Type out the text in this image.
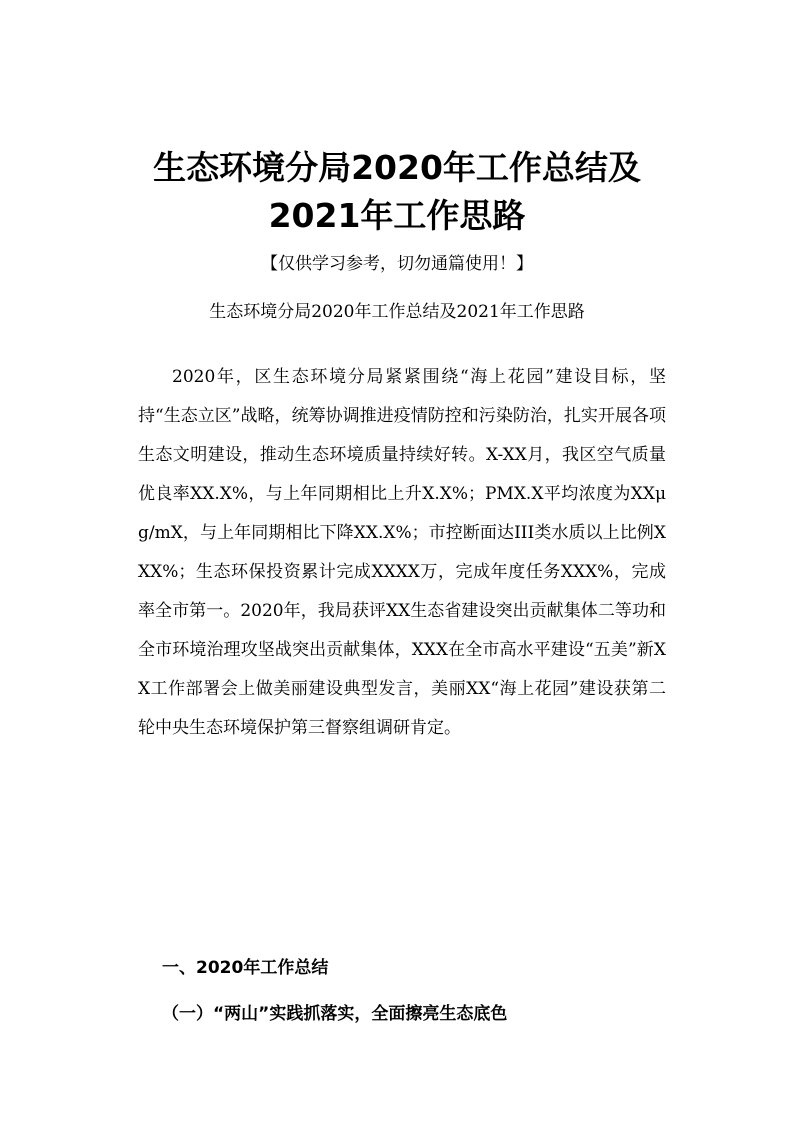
生态环境分局2020年工作总结及
2021年工作思路

【仅供学习参考，切勿通篇使用！】

生态环境分局2020年工作总结及2021年工作思路

2020年，区生态环境分局紧紧围绕“海上花园”建设目标，坚持“生态立区”战略，统筹协调推进疫情防控和污染防治，扎实开展各项生态文明建设，推动生态环境质量持续好转。X-XX月，我区空气质量优良率XX.X%，与上年同期相比上升X.X%；PMX.X平均浓度为XXμg/mX，与上年同期相比下降XX.X%；市控断面达III类水质以上比例XXX%；生态环保投资累计完成XXXX万，完成年度任务XXX%，完成率全市第一。2020年，我局获评XX生态省建设突出贡献集体二等功和全市环境治理攻坚战突出贡献集体，XXX在全市高水平建设“五美”新XX工作部署会上做美丽建设典型发言，美丽XX“海上花园”建设获第二轮中央生态环境保护第三督察组调研肯定。

一、2020年工作总结
（一）“两山”实践抓落实，全面擦亮生态底色
